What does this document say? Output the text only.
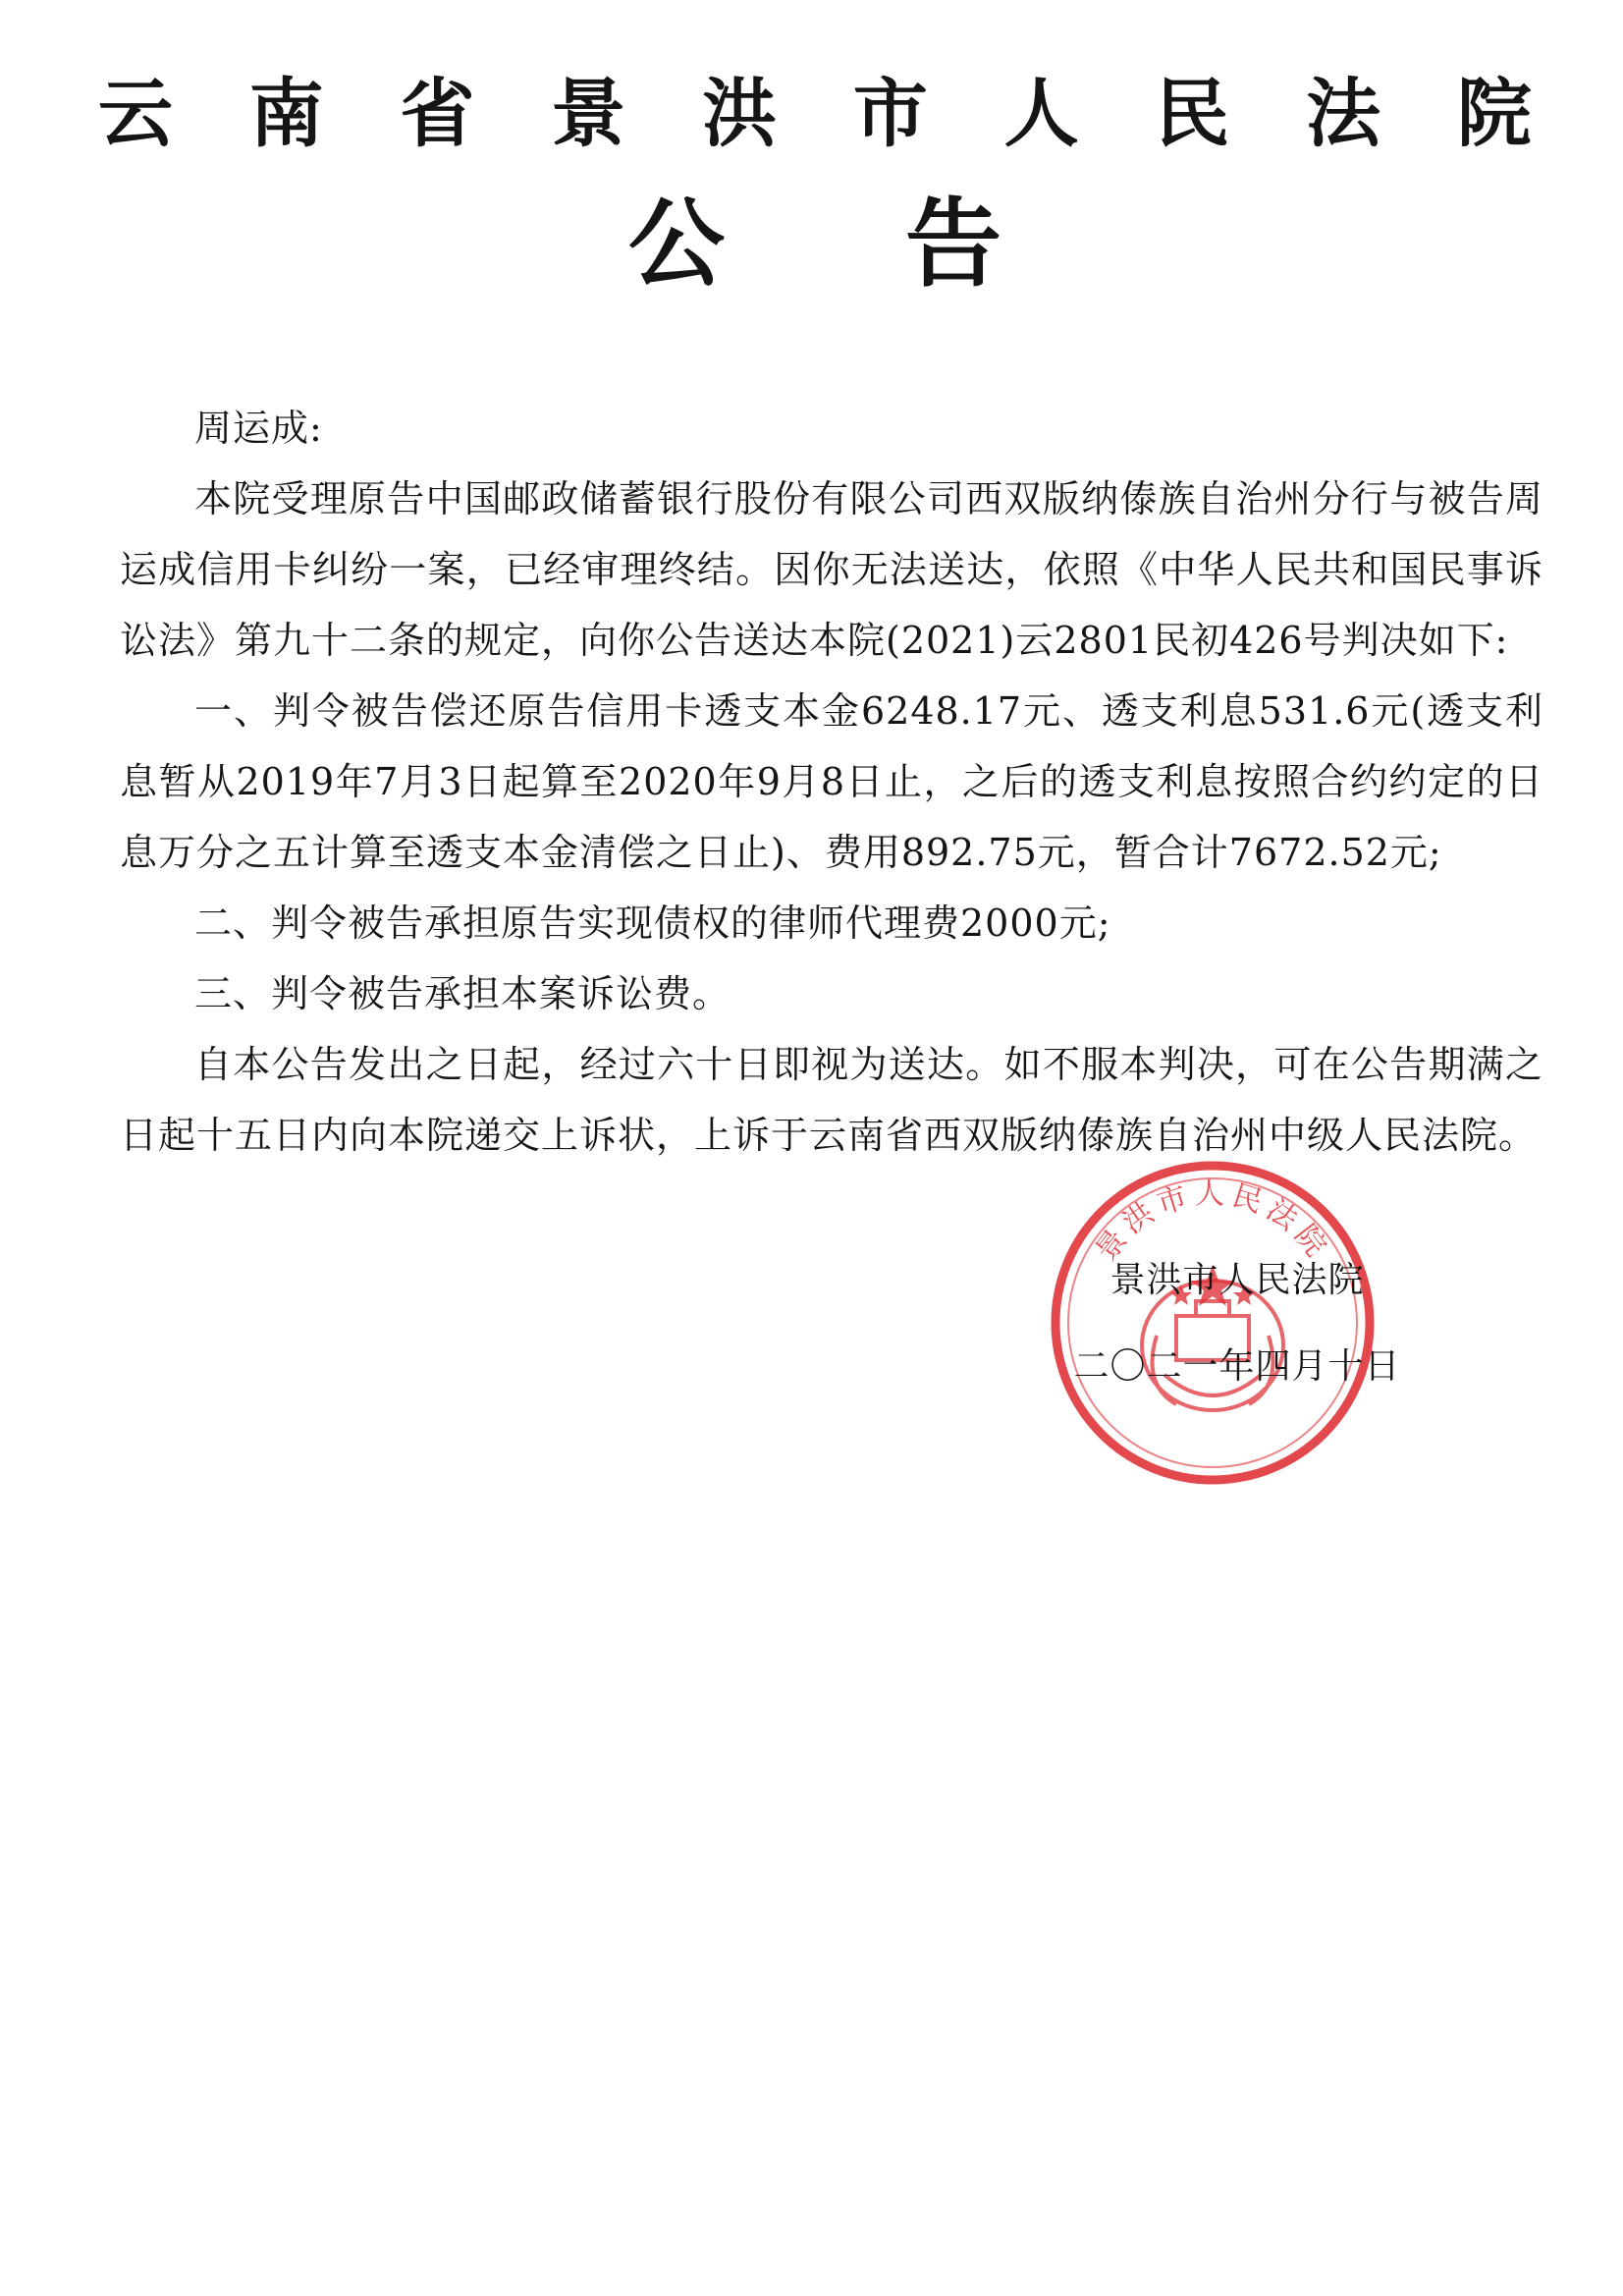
云 南 省 景 洪 市 人 民 法 院
公 告

周运成:

本院受理原告中国邮政储蓄银行股份有限公司西双版纳傣族自治州分行与被告周运成信用卡纠纷一案，已经审理终结。因你无法送达，依照《中华人民共和国民事诉讼法》第九十二条的规定，向你公告送达本院(2021)云2801民初426号判决如下:

一、判令被告偿还原告信用卡透支本金6248.17元、透支利息531.6元(透支利息暂从2019年7月3日起算至2020年9月8日止，之后的透支利息按照合约约定的日息万分之五计算至透支本金清偿之日止)、费用892.75元，暂合计7672.52元;

二、判令被告承担原告实现债权的律师代理费2000元;

三、判令被告承担本案诉讼费。

自本公告发出之日起，经过六十日即视为送达。如不服本判决，可在公告期满之日起十五日内向本院递交上诉状，上诉于云南省西双版纳傣族自治州中级人民法院。

景洪市人民法院
景洪市人民法院
二〇二一年四月十日
